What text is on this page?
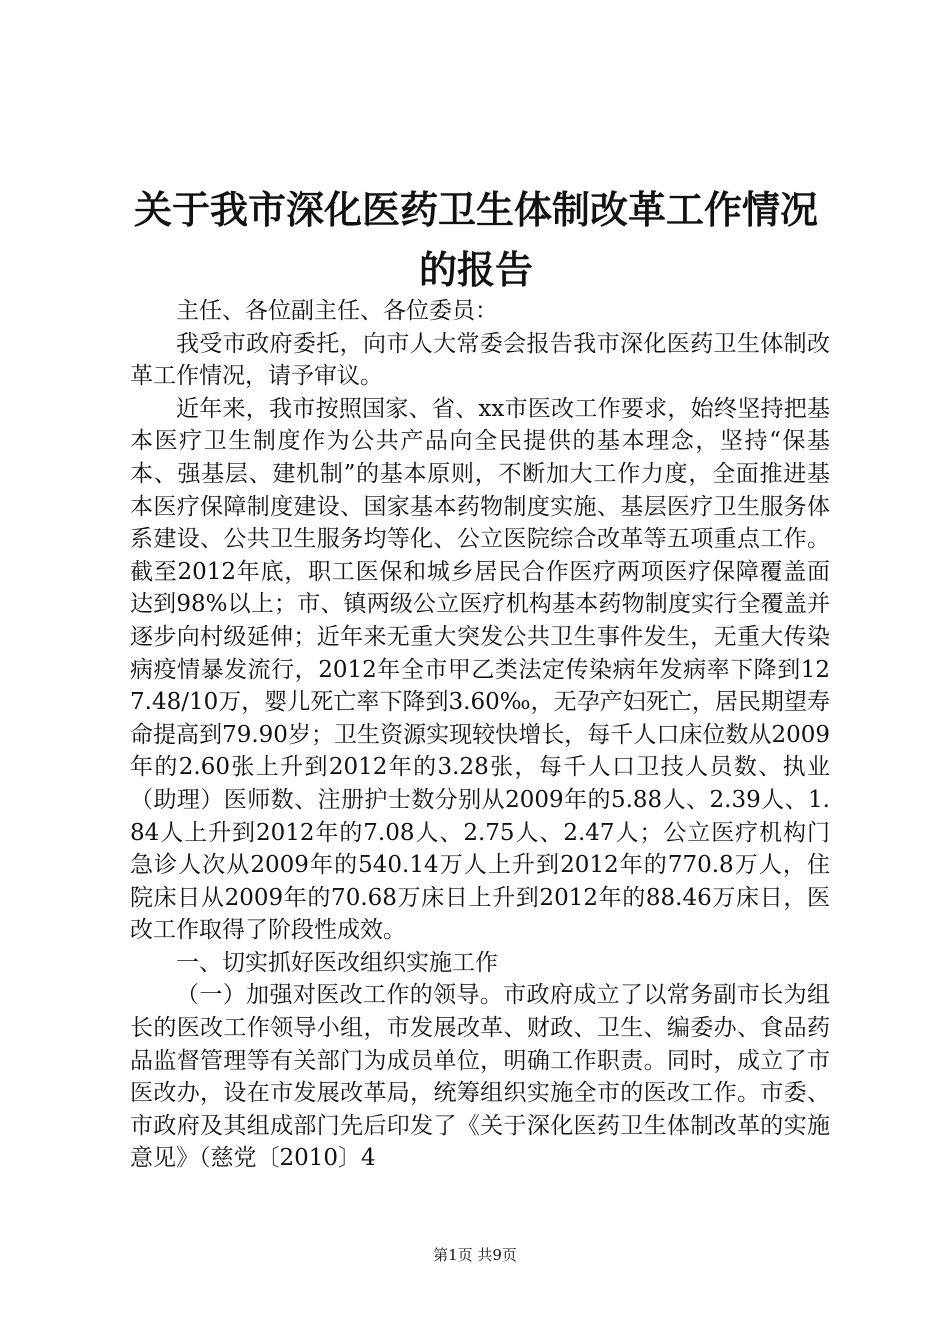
关于我市深化医药卫生体制改革工作情况的报告

主任、各位副主任、各位委员：

我受市政府委托，向市人大常委会报告我市深化医药卫生体制改革工作情况，请予审议。

近年来，我市按照国家、省、xx市医改工作要求，始终坚持把基本医疗卫生制度作为公共产品向全民提供的基本理念，坚持“保基本、强基层、建机制”的基本原则，不断加大工作力度，全面推进基本医疗保障制度建设、国家基本药物制度实施、基层医疗卫生服务体系建设、公共卫生服务均等化、公立医院综合改革等五项重点工作。截至2012年底，职工医保和城乡居民合作医疗两项医疗保障覆盖面达到98%以上；市、镇两级公立医疗机构基本药物制度实行全覆盖并逐步向村级延伸；近年来无重大突发公共卫生事件发生，无重大传染病疫情暴发流行，2012年全市甲乙类法定传染病年发病率下降到127.48/10万，婴儿死亡率下降到3.60‰，无孕产妇死亡，居民期望寿命提高到79.90岁；卫生资源实现较快增长，每千人口床位数从2009年的2.60张上升到2012年的3.28张，每千人口卫技人员数、执业（助理）医师数、注册护士数分别从2009年的5.88人、2.39人、1.84人上升到2012年的7.08人、2.75人、2.47人；公立医疗机构门急诊人次从2009年的540.14万人上升到2012年的770.8万人，住院床日从2009年的70.68万床日上升到2012年的88.46万床日，医改工作取得了阶段性成效。

一、切实抓好医改组织实施工作

（一）加强对医改工作的领导。市政府成立了以常务副市长为组长的医改工作领导小组，市发展改革、财政、卫生、编委办、食品药品监督管理等有关部门为成员单位，明确工作职责。同时，成立了市医改办，设在市发展改革局，统筹组织实施全市的医改工作。市委、市政府及其组成部门先后印发了《关于深化医药卫生体制改革的实施意见》（慈党〔2010〕4

第1页 共9页
